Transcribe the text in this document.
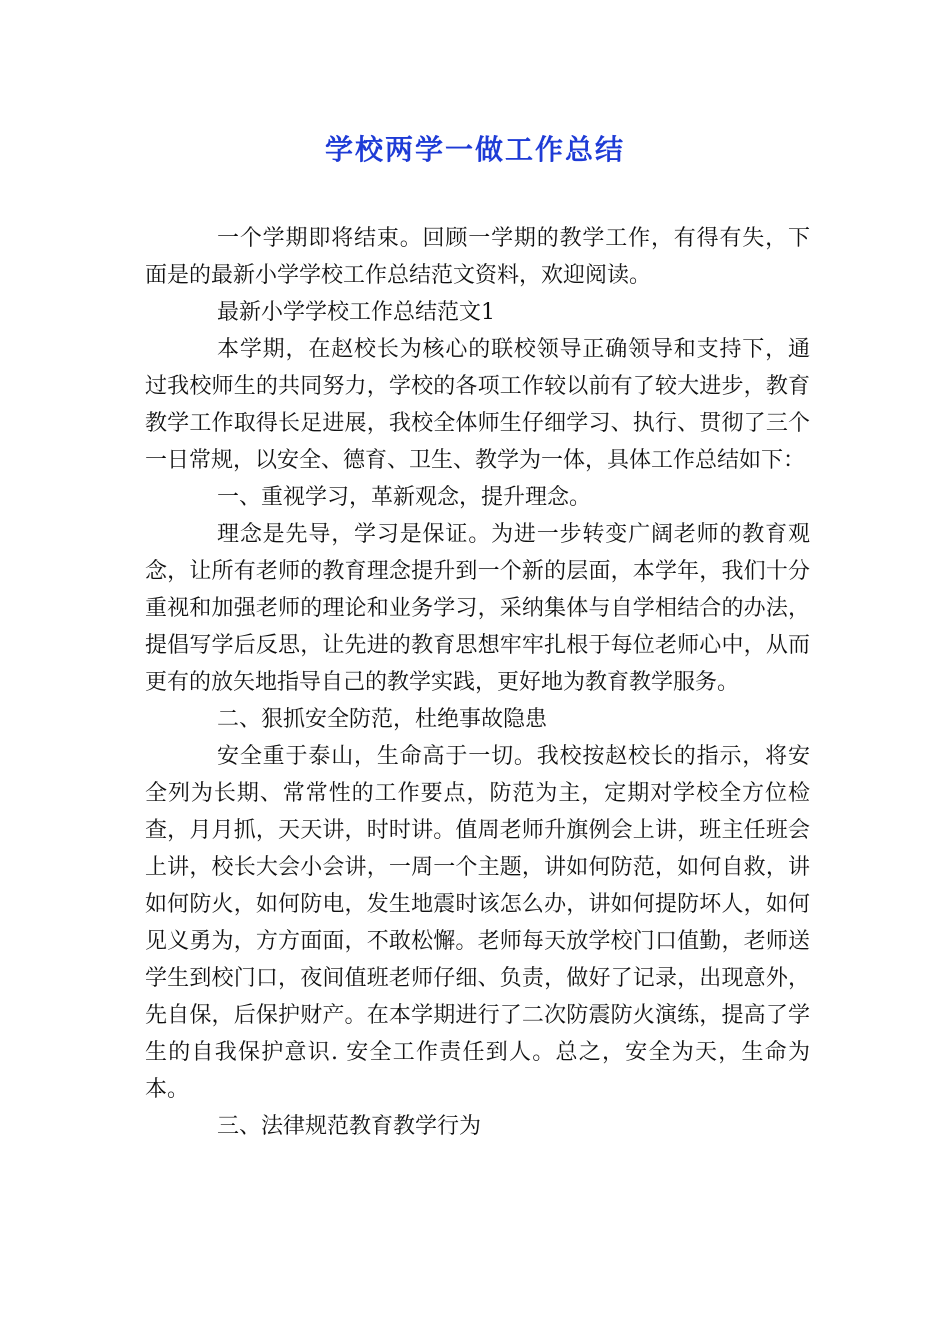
学校两学一做工作总结

一个学期即将结束。回顾一学期的教学工作，有得有失，下面是的最新小学学校工作总结范文资料，欢迎阅读。

最新小学学校工作总结范文1

本学期，在赵校长为核心的联校领导正确领导和支持下，通过我校师生的共同努力，学校的各项工作较以前有了较大进步，教育教学工作取得长足进展，我校全体师生仔细学习、执行、贯彻了三个一日常规，以安全、德育、卫生、教学为一体，具体工作总结如下：

一、重视学习，革新观念，提升理念。

理念是先导，学习是保证。为进一步转变广阔老师的教育观念，让所有老师的教育理念提升到一个新的层面，本学年，我们十分重视和加强老师的理论和业务学习，采纳集体与自学相结合的办法，提倡写学后反思，让先进的教育思想牢牢扎根于每位老师心中，从而更有的放矢地指导自己的教学实践，更好地为教育教学服务。

二、狠抓安全防范，杜绝事故隐患

安全重于泰山，生命高于一切。我校按赵校长的指示，将安全列为长期、常常性的工作要点，防范为主，定期对学校全方位检查，月月抓，天天讲，时时讲。值周老师升旗例会上讲，班主任班会上讲，校长大会小会讲，一周一个主题，讲如何防范，如何自救，讲如何防火，如何防电，发生地震时该怎么办，讲如何提防坏人，如何见义勇为，方方面面，不敢松懈。老师每天放学校门口值勤，老师送学生到校门口，夜间值班老师仔细、负责，做好了记录，出现意外，先自保，后保护财产。在本学期进行了二次防震防火演练，提高了学生的自我保护意识. 安全工作责任到人。总之，安全为天，生命为本。

三、法律规范教育教学行为
